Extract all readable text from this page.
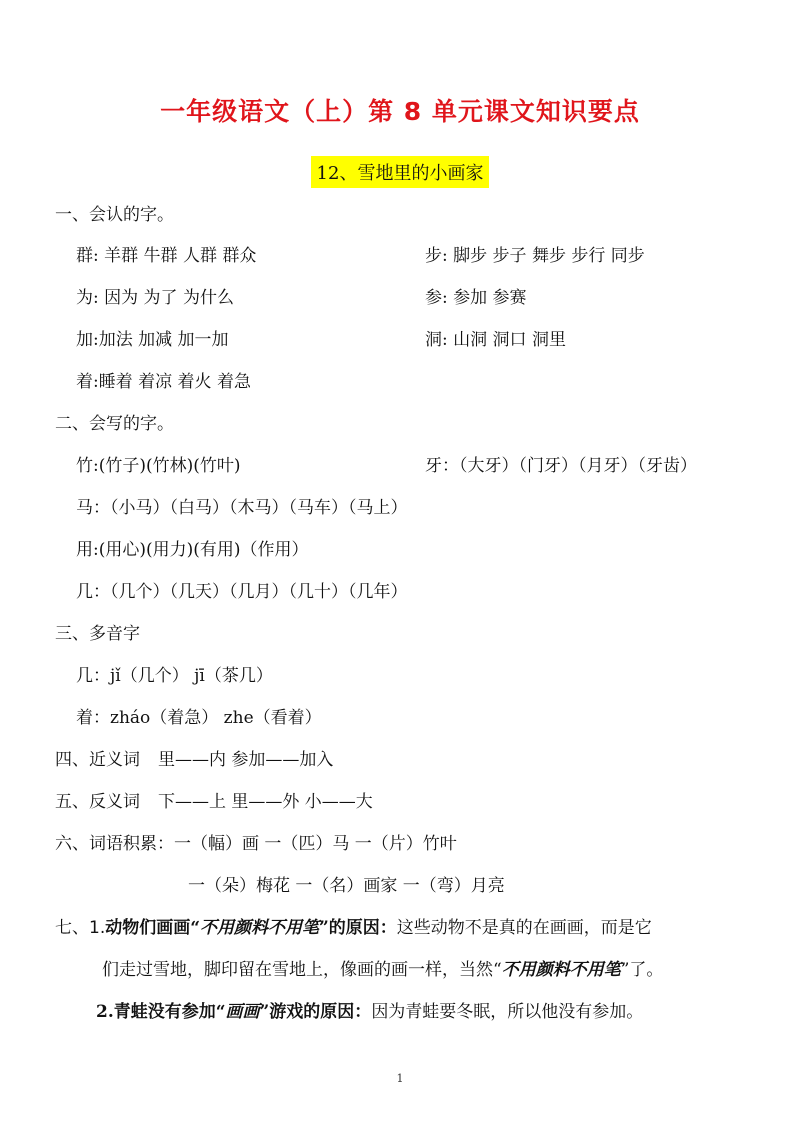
一年级语文（上）第 8 单元课文知识要点
12、雪地里的小画家
一、会认的字。
群: 羊群 牛群 人群 群众	步: 脚步 步子 舞步 步行 同步
为: 因为 为了 为什么	参: 参加 参赛
加:加法 加减 加一加	洞: 山洞 洞口 洞里
着:睡着 着凉 着火 着急
二、会写的字。
竹:(竹子)(竹林)(竹叶)	牙：（大牙）（门牙）（月牙）（牙齿）
马：（小马）（白马）（木马）（马车）（马上）
用:(用心)(用力)(有用)（作用）
几：（几个）（几天）（几月）（几十）（几年）
三、多音字
几：jǐ（几个） jī（茶几）
着：zháo（着急） zhe（看着）
四、近义词 里——内 参加——加入
五、反义词 下——上 里——外 小——大
六、词语积累：一（幅）画 一（匹）马 一（片）竹叶
一（朵）梅花 一（名）画家 一（弯）月亮
七、1.动物们画画“不用颜料不用笔”的原因：这些动物不是真的在画画，而是它
们走过雪地，脚印留在雪地上，像画的画一样，当然“不用颜料不用笔”了。
2.青蛙没有参加“画画”游戏的原因：因为青蛙要冬眠，所以他没有参加。
1
